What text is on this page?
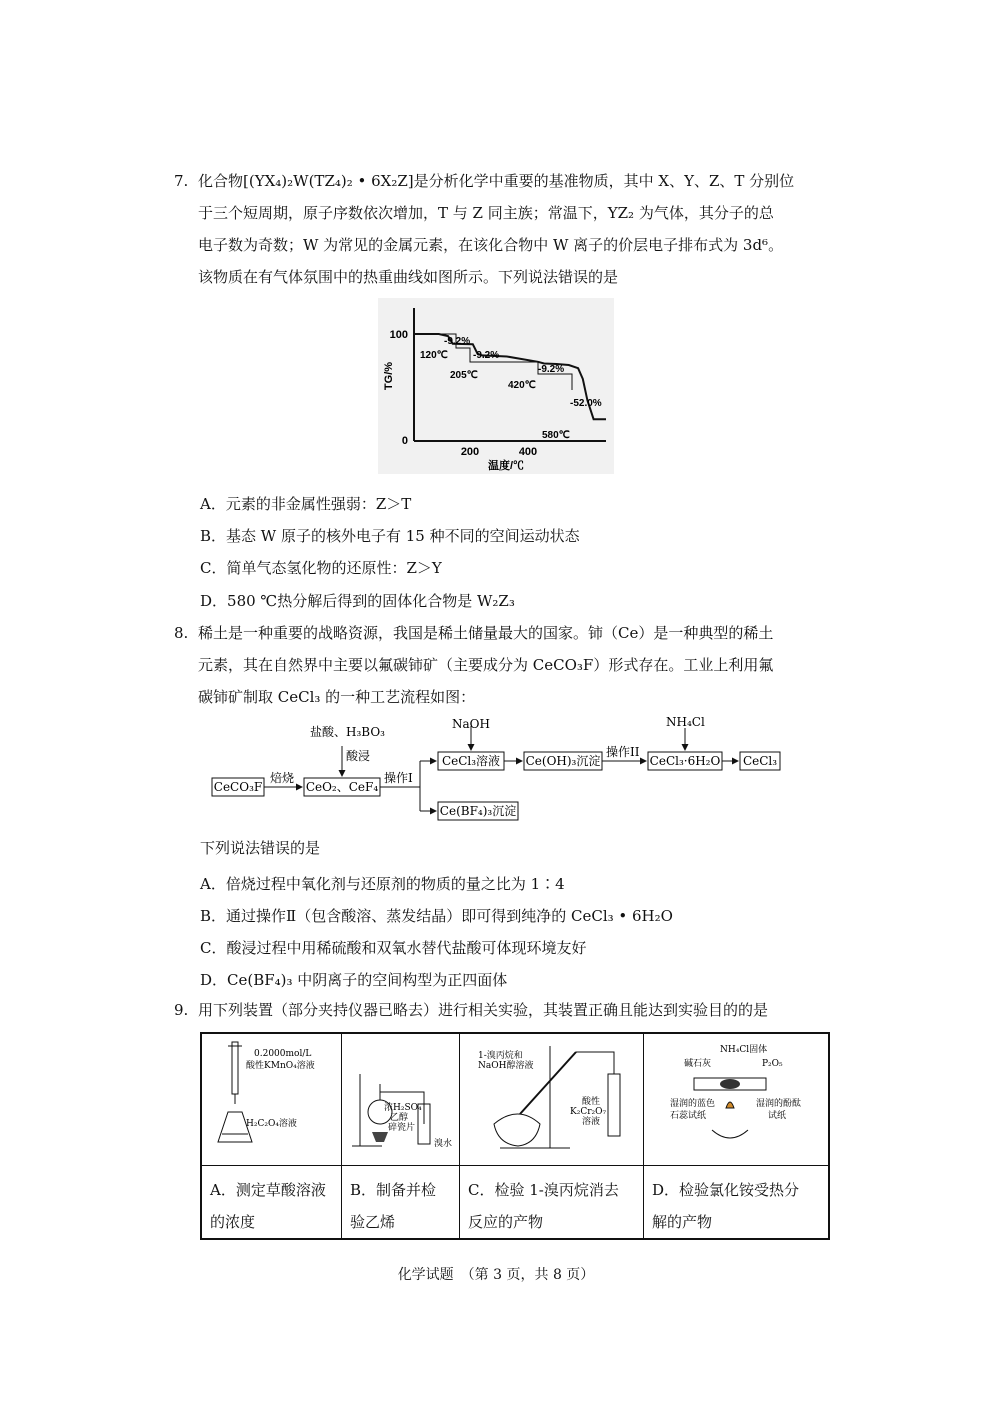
7. 化合物[(YX₄)₂W(TZ₄)₂ • 6X₂Z]是分析化学中重要的基准物质，其中 X、Y、Z、T 分别位
于三个短周期，原子序数依次增加，T 与 Z 同主族；常温下，YZ₂ 为气体，其分子的总
电子数为奇数；W 为常见的金属元素，在该化合物中 W 离子的价层电子排布式为 3d⁶。
该物质在有气体氛围中的热重曲线如图所示。下列说法错误的是
100
0
200	400
温度/℃
TG/%
-9.2%
120℃	-9.2%
205℃
420℃
-9.2%
-52.0%
580℃
A．元素的非金属性强弱：Z＞T
B．基态 W 原子的核外电子有 15 种不同的空间运动状态
C．简单气态氢化物的还原性：Z＞Y
D．580 ℃热分解后得到的固体化合物是 W₂Z₃
8. 稀土是一种重要的战略资源，我国是稀土储量最大的国家。铈（Ce）是一种典型的稀土
元素，其在自然界中主要以氟碳铈矿（主要成分为 CeCO₃F）形式存在。工业上利用氟
碳铈矿制取 CeCl₃ 的一种工艺流程如图：
CeCO₃F	CeO₂、CeF₄
CeCl₃溶液 Ce(OH)₃沉淀	CeCl₃·6H₂O CeCl₃
Ce(BF₄)₃沉淀
焙烧
盐酸、H₃BO₃
酸浸
操作I
NaOH
操作II
NH₄Cl
下列说法错误的是
A．倍烧过程中氧化剂与还原剂的物质的量之比为 1∶4
B．通过操作Ⅱ（包含酸溶、蒸发结晶）即可得到纯净的 CeCl₃ • 6H₂O
C．酸浸过程中用稀硫酸和双氧水替代盐酸可体现环境友好
D．Ce(BF₄)₃ 中阴离子的空间构型为正四面体
9. 用下列装置（部分夹持仪器已略去）进行相关实验，其装置正确且能达到实验目的的是
0.2000mol/L
酸性KMnO₄溶液
H₂C₂O₄溶液
浓H₂SO₄
乙醇
碎瓷片
溴水
1-溴丙烷和
NaOH醇溶液
酸性
K₂Cr₂O₇
溶液
NH₄Cl固体
碱石灰	P₂O₅
湿润的蓝色
石蕊试纸
湿润的酚酞
试纸
A．测定草酸溶液
的浓度
B．制备并检
验乙烯
C．检验 1-溴丙烷消去
反应的产物
D．检验氯化铵受热分
解的产物
化学试题　（第 3 页，共 8 页）
